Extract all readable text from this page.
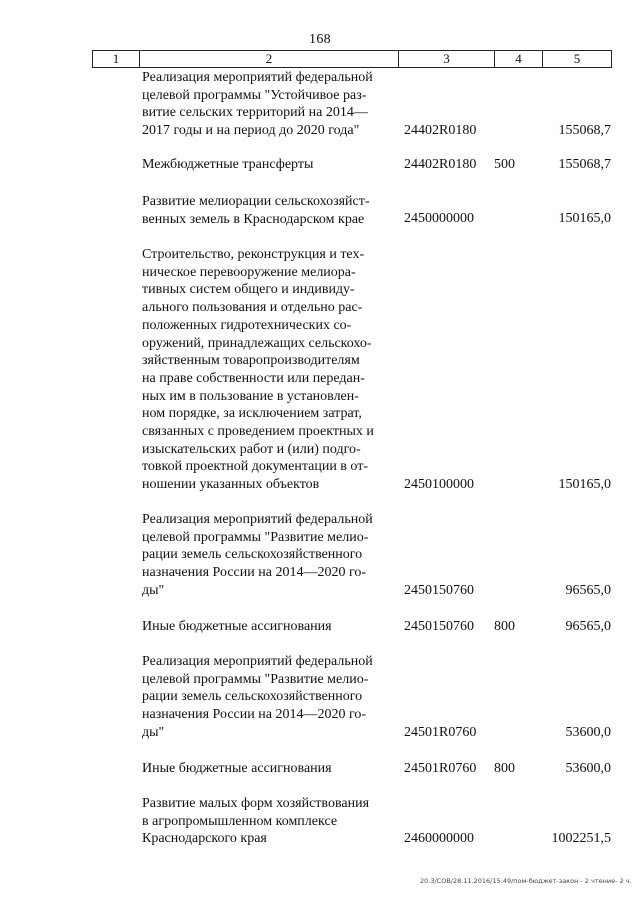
168
1	2	3	4	5
Реализация мероприятий федеральной
целевой программы "Устойчивое раз-
витие сельских территорий на 2014—
2017 годы и на период до 2020 года"	24402R0180	155068,7
Межбюджетные трансферты	24402R0180 500	155068,7
Развитие мелиорации сельскохозяйст-
венных земель в Краснодарском крае	2450000000	150165,0
Строительство, реконструкция и тех-
ническое перевооружение мелиора-
тивных систем общего и индивиду-
ального пользования и отдельно рас-
положенных гидротехнических со-
оружений, принадлежащих сельскохо-
зяйственным товаропроизводителям
на праве собственности или передан-
ных им в пользование в установлен-
ном порядке, за исключением затрат,
связанных с проведением проектных и
изыскательских работ и (или) подго-
товкой проектной документации в от-
ношении указанных объектов	2450100000	150165,0
Реализация мероприятий федеральной
целевой программы "Развитие мелио-
рации земель сельскохозяйственного
назначения России на 2014—2020 го-
ды"	2450150760	96565,0
Иные бюджетные ассигнования	2450150760 800	96565,0
Реализация мероприятий федеральной
целевой программы "Развитие мелио-
рации земель сельскохозяйственного
назначения России на 2014—2020 го-
ды"	24501R0760	53600,0
Иные бюджетные ассигнования	24501R0760 800	53600,0
Развитие малых форм хозяйствования
в агропромышленном комплексе
Краснодарского края	2460000000	1002251,5
20.3/СОВ/28.11.2016/15:49/пом-бюджет-закон - 2 чтение- 2 ч.
